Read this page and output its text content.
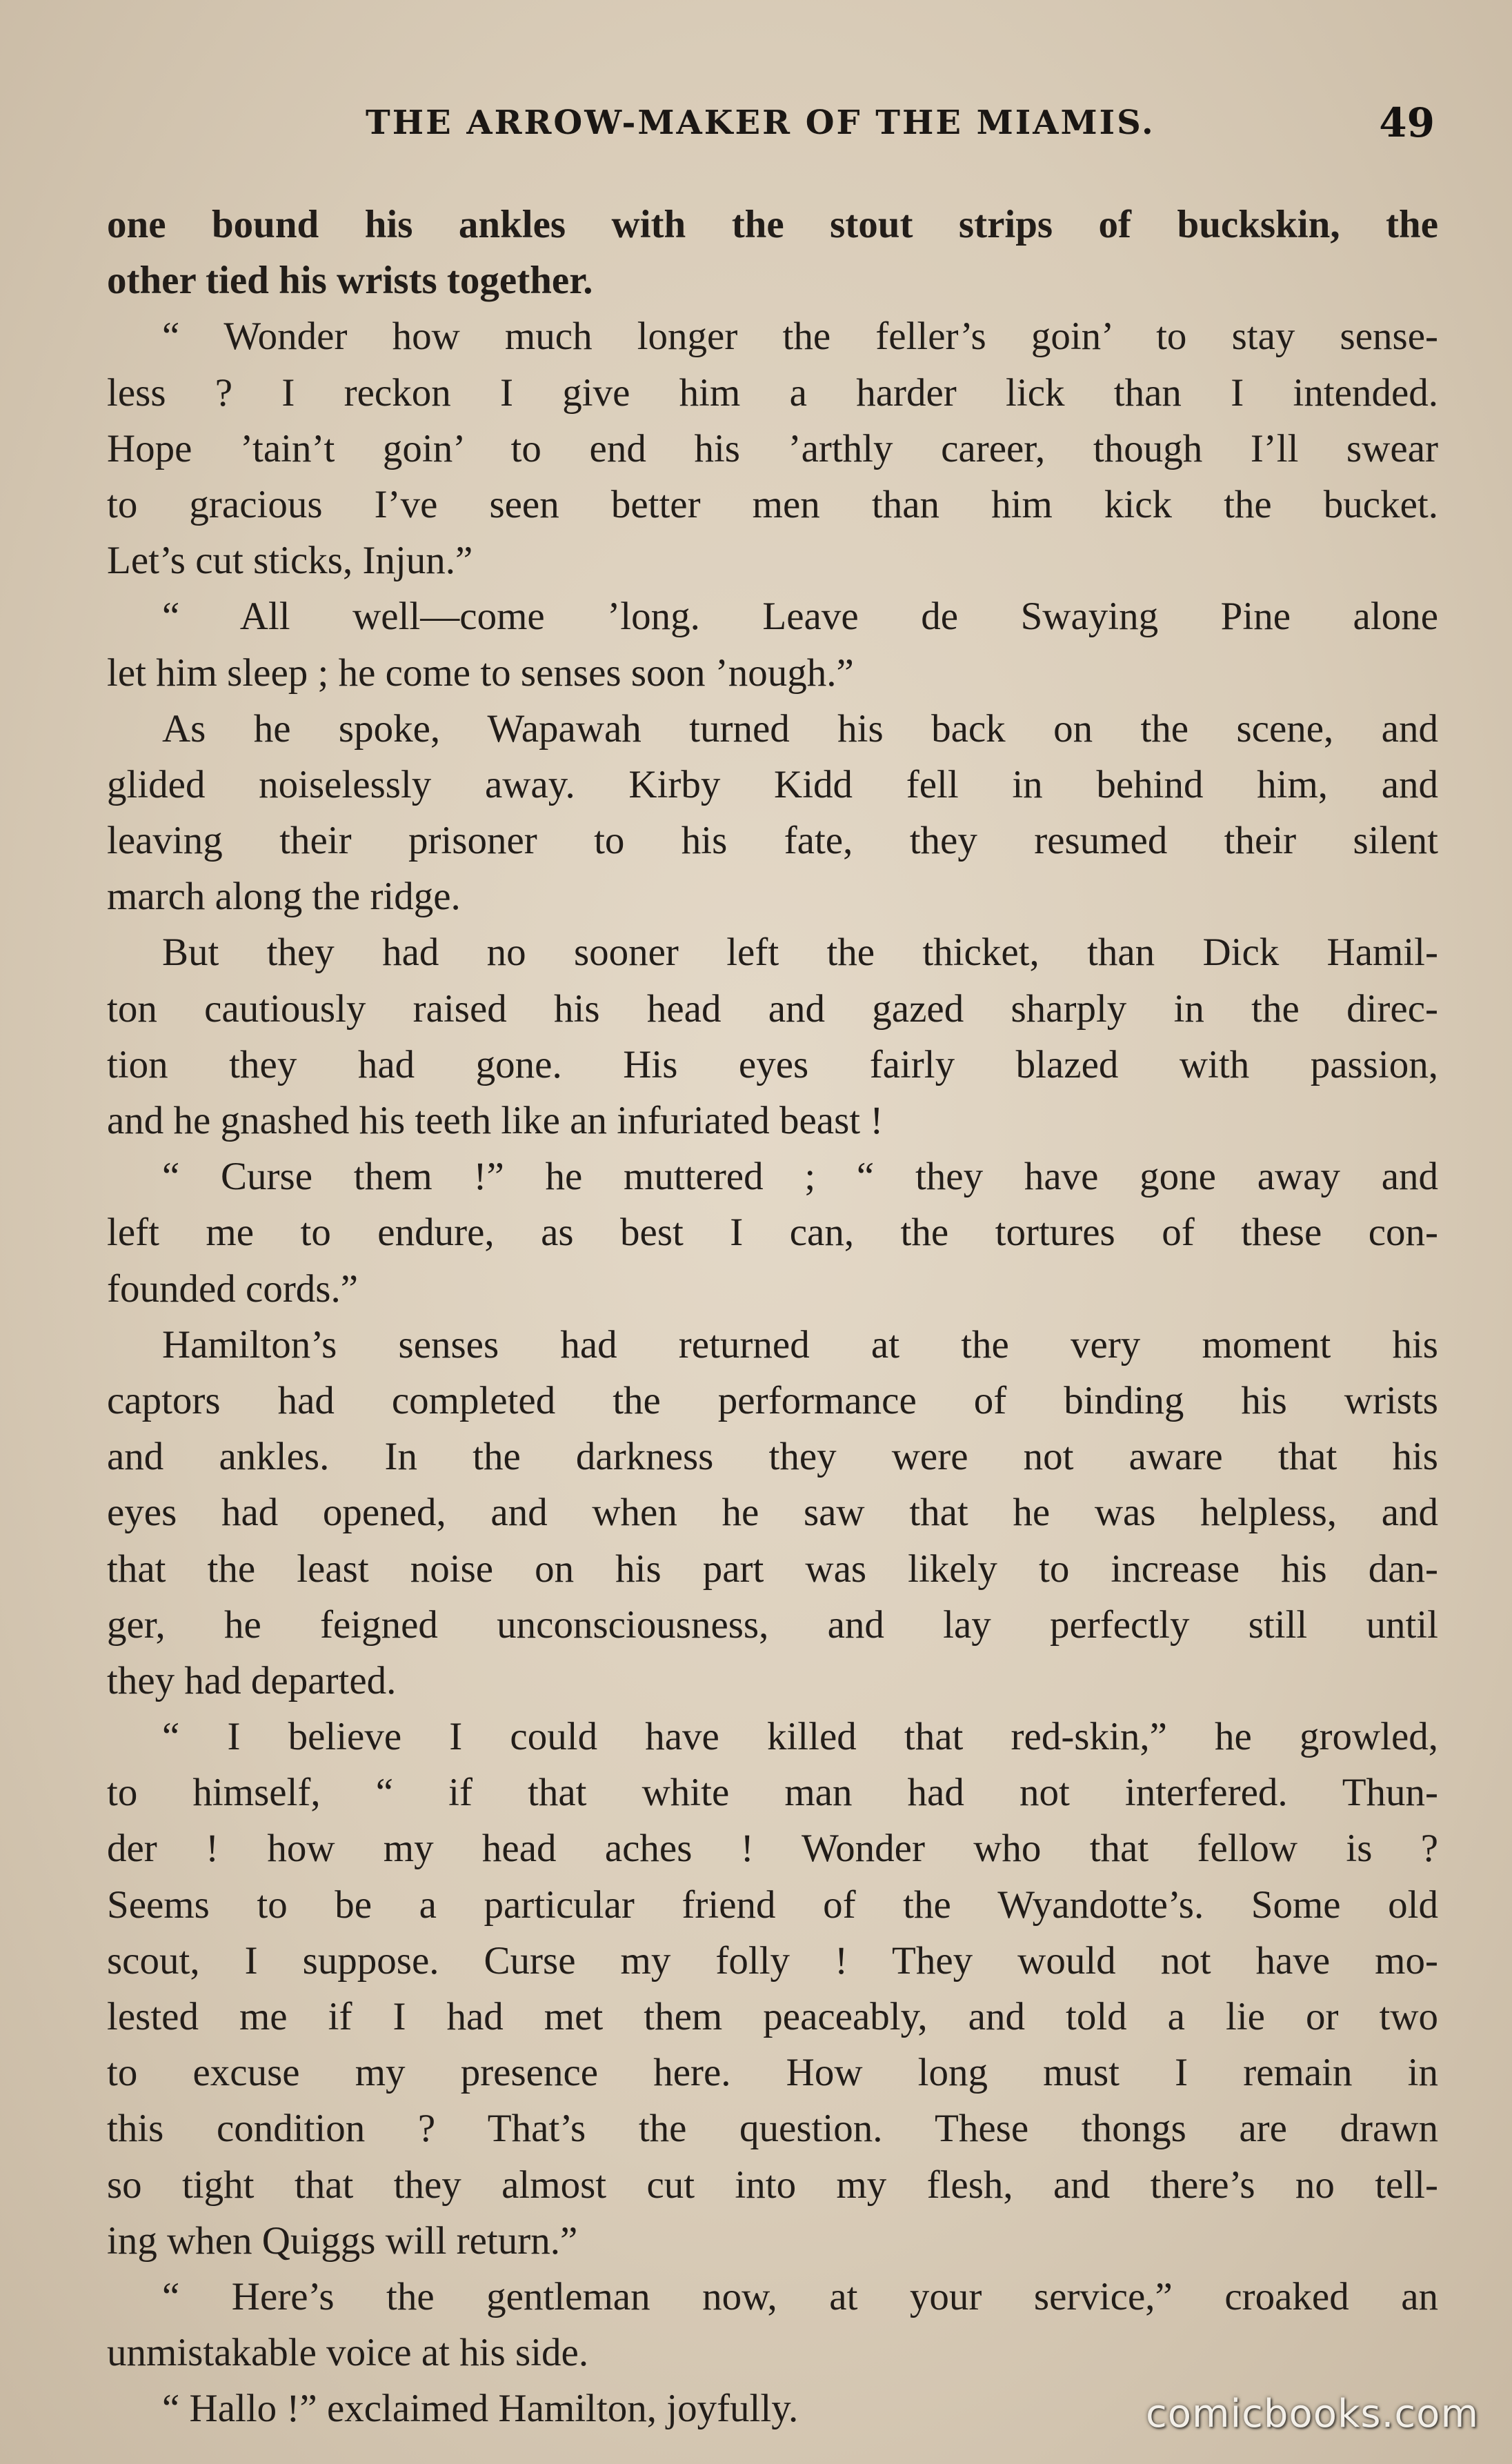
THE ARROW-MAKER OF THE MIAMIS.	49
one bound his ankles with the stout strips of buckskin, the
other tied his wrists together.
“ Wonder how much longer the feller’s goin’ to stay sense-
less ? I reckon I give him a harder lick than I intended.
Hope ’tain’t goin’ to end his ’arthly career, though I’ll swear
to gracious I’ve seen better men than him kick the bucket.
Let’s cut sticks, Injun.”
“ All well—come ’long. Leave de Swaying Pine alone
let him sleep ; he come to senses soon ’nough.”
As he spoke, Wapawah turned his back on the scene, and
glided noiselessly away. Kirby Kidd fell in behind him, and
leaving their prisoner to his fate, they resumed their silent
march along the ridge.
But they had no sooner left the thicket, than Dick Hamil-
ton cautiously raised his head and gazed sharply in the direc-
tion they had gone. His eyes fairly blazed with passion,
and he gnashed his teeth like an infuriated beast !
“ Curse them !” he muttered ; “ they have gone away and
left me to endure, as best I can, the tortures of these con-
founded cords.”
Hamilton’s senses had returned at the very moment his
captors had completed the performance of binding his wrists
and ankles. In the darkness they were not aware that his
eyes had opened, and when he saw that he was helpless, and
that the least noise on his part was likely to increase his dan-
ger, he feigned unconsciousness, and lay perfectly still until
they had departed.
“ I believe I could have killed that red-skin,” he growled,
to himself, “ if that white man had not interfered. Thun-
der ! how my head aches ! Wonder who that fellow is ?
Seems to be a particular friend of the Wyandotte’s. Some old
scout, I suppose. Curse my folly ! They would not have mo-
lested me if I had met them peaceably, and told a lie or two
to excuse my presence here. How long must I remain in
this condition ? That’s the question. These thongs are drawn
so tight that they almost cut into my flesh, and there’s no tell-
ing when Quiggs will return.”
“ Here’s the gentleman now, at your service,” croaked an
unmistakable voice at his side.
“ Hallo !” exclaimed Hamilton, joyfully.	comicbooks.com
